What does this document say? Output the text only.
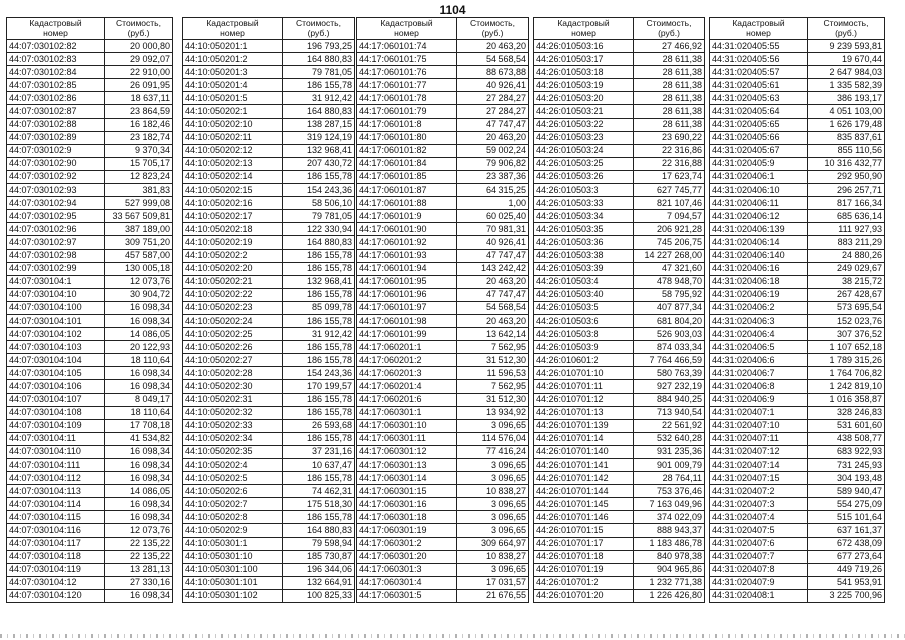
1104
Кадастровый
номер	Стоимость,
(руб.)
44:07:030102:82	20 000,80
44:07:030102:83	29 092,07
44:07:030102:84	22 910,00
44:07:030102:85	26 091,95
44:07:030102:86	18 637,11
44:07:030102:87	23 864,59
44:07:030102:88	16 182,46
44:07:030102:89	23 182,74
44:07:030102:9	9 370,34
44:07:030102:90	15 705,17
44:07:030102:92	12 823,24
44:07:030102:93	381,83
44:07:030102:94	527 999,08
44:07:030102:95	33 567 509,81
44:07:030102:96	387 189,00
44:07:030102:97	309 751,20
44:07:030102:98	457 587,00
44:07:030102:99	130 005,18
44:07:030104:1	12 073,76
44:07:030104:10	30 904,72
44:07:030104:100	16 098,34
44:07:030104:101	16 098,34
44:07:030104:102	14 086,05
44:07:030104:103	20 122,93
44:07:030104:104	18 110,64
44:07:030104:105	16 098,34
44:07:030104:106	16 098,34
44:07:030104:107	8 049,17
44:07:030104:108	18 110,64
44:07:030104:109	17 708,18
44:07:030104:11	41 534,82
44:07:030104:110	16 098,34
44:07:030104:111	16 098,34
44:07:030104:112	16 098,34
44:07:030104:113	14 086,05
44:07:030104:114	16 098,34
44:07:030104:115	16 098,34
44:07:030104:116	12 073,76
44:07:030104:117	22 135,22
44:07:030104:118	22 135,22
44:07:030104:119	13 281,13
44:07:030104:12	27 330,16
44:07:030104:120	16 098,34
Кадастровый
номер	Стоимость,
(руб.)
44:10:050201:1	196 793,25
44:10:050201:2	164 880,83
44:10:050201:3	79 781,05
44:10:050201:4	186 155,78
44:10:050201:5	31 912,42
44:10:050202:1	164 880,83
44:10:050202:10	138 287,15
44:10:050202:11	319 124,19
44:10:050202:12	132 968,41
44:10:050202:13	207 430,72
44:10:050202:14	186 155,78
44:10:050202:15	154 243,36
44:10:050202:16	58 506,10
44:10:050202:17	79 781,05
44:10:050202:18	122 330,94
44:10:050202:19	164 880,83
44:10:050202:2	186 155,78
44:10:050202:20	186 155,78
44:10:050202:21	132 968,41
44:10:050202:22	186 155,78
44:10:050202:23	85 099,78
44:10:050202:24	186 155,78
44:10:050202:25	31 912,42
44:10:050202:26	186 155,78
44:10:050202:27	186 155,78
44:10:050202:28	154 243,36
44:10:050202:30	170 199,57
44:10:050202:31	186 155,78
44:10:050202:32	186 155,78
44:10:050202:33	26 593,68
44:10:050202:34	186 155,78
44:10:050202:35	37 231,16
44:10:050202:4	10 637,47
44:10:050202:5	186 155,78
44:10:050202:6	74 462,31
44:10:050202:7	175 518,30
44:10:050202:8	186 155,78
44:10:050202:9	164 880,83
44:10:050301:1	79 598,94
44:10:050301:10	185 730,87
44:10:050301:100	196 344,06
44:10:050301:101	132 664,91
44:10:050301:102	100 825,33
Кадастровый
номер	Стоимость,
(руб.)
44:17:060101:74	20 463,20
44:17:060101:75	54 568,54
44:17:060101:76	88 673,88
44:17:060101:77	40 926,41
44:17:060101:78	27 284,27
44:17:060101:79	27 284,27
44:17:060101:8	47 747,47
44:17:060101:80	20 463,20
44:17:060101:82	59 002,24
44:17:060101:84	79 906,82
44:17:060101:85	23 387,36
44:17:060101:87	64 315,25
44:17:060101:88	1,00
44:17:060101:9	60 025,40
44:17:060101:90	70 981,31
44:17:060101:92	40 926,41
44:17:060101:93	47 747,47
44:17:060101:94	143 242,42
44:17:060101:95	20 463,20
44:17:060101:96	47 747,47
44:17:060101:97	54 568,54
44:17:060101:98	20 463,20
44:17:060101:99	13 642,14
44:17:060201:1	7 562,95
44:17:060201:2	31 512,30
44:17:060201:3	11 596,53
44:17:060201:4	7 562,95
44:17:060201:6	31 512,30
44:17:060301:1	13 934,92
44:17:060301:10	3 096,65
44:17:060301:11	114 576,04
44:17:060301:12	77 416,24
44:17:060301:13	3 096,65
44:17:060301:14	3 096,65
44:17:060301:15	10 838,27
44:17:060301:16	3 096,65
44:17:060301:18	3 096,65
44:17:060301:19	3 096,65
44:17:060301:2	309 664,97
44:17:060301:20	10 838,27
44:17:060301:3	3 096,65
44:17:060301:4	17 031,57
44:17:060301:5	21 676,55
Кадастровый
номер	Стоимость,
(руб.)
44:26:010503:16	27 466,92
44:26:010503:17	28 611,38
44:26:010503:18	28 611,38
44:26:010503:19	28 611,38
44:26:010503:20	28 611,38
44:26:010503:21	28 611,38
44:26:010503:22	28 611,38
44:26:010503:23	23 690,22
44:26:010503:24	22 316,86
44:26:010503:25	22 316,88
44:26:010503:26	17 623,74
44:26:010503:3	627 745,77
44:26:010503:33	821 107,46
44:26:010503:34	7 094,57
44:26:010503:35	206 921,28
44:26:010503:36	745 206,75
44:26:010503:38	14 227 268,00
44:26:010503:39	47 321,60
44:26:010503:4	478 948,70
44:26:010503:40	58 795,92
44:26:010503:5	407 877,34
44:26:010503:6	681 804,20
44:26:010503:8	526 903,03
44:26:010503:9	874 033,34
44:26:010601:2	7 764 466,59
44:26:010701:10	580 763,39
44:26:010701:11	927 232,19
44:26:010701:12	884 940,25
44:26:010701:13	713 940,54
44:26:010701:139	22 561,92
44:26:010701:14	532 640,28
44:26:010701:140	931 235,36
44:26:010701:141	901 009,79
44:26:010701:142	28 764,11
44:26:010701:144	753 376,46
44:26:010701:145	7 163 049,96
44:26:010701:146	374 022,09
44:26:010701:15	888 943,37
44:26:010701:17	1 183 486,78
44:26:010701:18	840 978,38
44:26:010701:19	904 965,86
44:26:010701:2	1 232 771,38
44:26:010701:20	1 226 426,80
Кадастровый
номер	Стоимость,
(руб.)
44:31:020405:55	9 239 593,81
44:31:020405:56	19 670,44
44:31:020405:57	2 647 984,03
44:31:020405:61	1 335 582,39
44:31:020405:63	386 193,17
44:31:020405:64	4 051 103,00
44:31:020405:65	1 626 179,48
44:31:020405:66	835 837,61
44:31:020405:67	855 110,56
44:31:020405:9	10 316 432,77
44:31:020406:1	292 950,90
44:31:020406:10	296 257,71
44:31:020406:11	817 166,34
44:31:020406:12	685 636,14
44:31:020406:139	111 927,93
44:31:020406:14	883 211,29
44:31:020406:140	24 880,26
44:31:020406:16	249 029,67
44:31:020406:18	38 215,72
44:31:020406:19	267 428,67
44:31:020406:2	573 695,54
44:31:020406:3	152 023,76
44:31:020406:4	307 376,52
44:31:020406:5	1 107 652,18
44:31:020406:6	1 789 315,26
44:31:020406:7	1 764 706,82
44:31:020406:8	1 242 819,10
44:31:020406:9	1 016 358,87
44:31:020407:1	328 246,83
44:31:020407:10	531 601,60
44:31:020407:11	438 508,77
44:31:020407:12	683 922,93
44:31:020407:14	731 245,93
44:31:020407:15	304 193,48
44:31:020407:2	589 940,47
44:31:020407:3	554 275,09
44:31:020407:4	515 101,64
44:31:020407:5	637 161,37
44:31:020407:6	672 438,09
44:31:020407:7	677 273,64
44:31:020407:8	449 719,26
44:31:020407:9	541 953,91
44:31:020408:1	3 225 700,96
